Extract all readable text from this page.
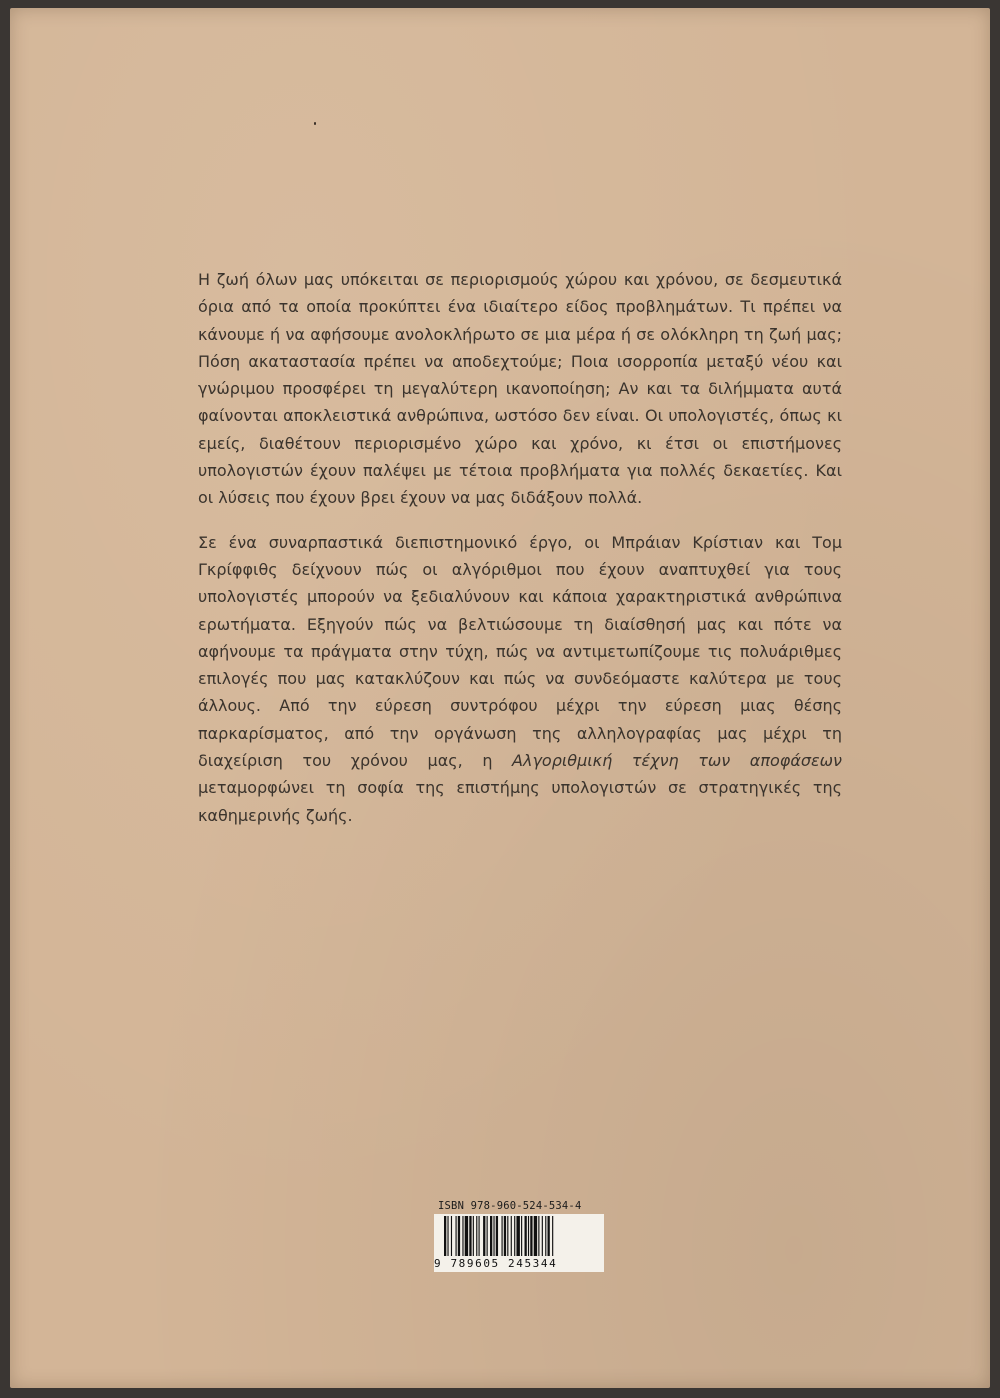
Η ζωή όλων μας υπόκειται σε περιορισμούς χώρου και χρόνου, σε δεσμευτικά όρια από τα οποία προκύπτει ένα ιδιαίτερο είδος προβλημάτων. Τι πρέπει να κάνουμε ή να αφήσουμε ανολοκλήρωτο σε μια μέρα ή σε ολόκληρη τη ζωή μας; Πόση ακαταστασία πρέπει να αποδεχτούμε; Ποια ισορροπία μεταξύ νέου και γνώριμου προσφέρει τη μεγαλύτερη ικανοποίηση; Αν και τα διλήμματα αυτά φαίνονται αποκλειστικά ανθρώπινα, ωστόσο δεν είναι. Οι υπολογιστές, όπως κι εμείς, διαθέτουν περιορισμένο χώρο και χρόνο, κι έτσι οι επιστήμονες υπολογιστών έχουν παλέψει με τέτοια προβλήματα για πολλές δεκαετίες. Και οι λύσεις που έχουν βρει έχουν να μας διδάξουν πολλά.

Σε ένα συναρπαστικά διεπιστημονικό έργο, οι Μπράιαν Κρίστιαν και Τομ Γκρίφφιθς δείχνουν πώς οι αλγόριθμοι που έχουν αναπτυχθεί για τους υπολογιστές μπορούν να ξεδιαλύνουν και κάποια χαρακτηριστικά ανθρώπινα ερωτήματα. Εξηγούν πώς να βελτιώσουμε τη διαίσθησή μας και πότε να αφήνουμε τα πράγματα στην τύχη, πώς να αντιμετωπίζουμε τις πολυάριθμες επιλογές που μας κατακλύζουν και πώς να συνδεόμαστε καλύτερα με τους άλλους. Από την εύρεση συντρόφου μέχρι την εύρεση μιας θέσης παρκαρίσματος, από την οργάνωση της αλληλογραφίας μας μέχρι τη διαχείριση του χρόνου μας, η Αλγοριθμική τέχνη των αποφάσεων μεταμορφώνει τη σοφία της επιστήμης υπολογιστών σε στρατηγικές της καθημερινής ζωής.

ISBN 978-960-524-534-4
9 789605 245344
